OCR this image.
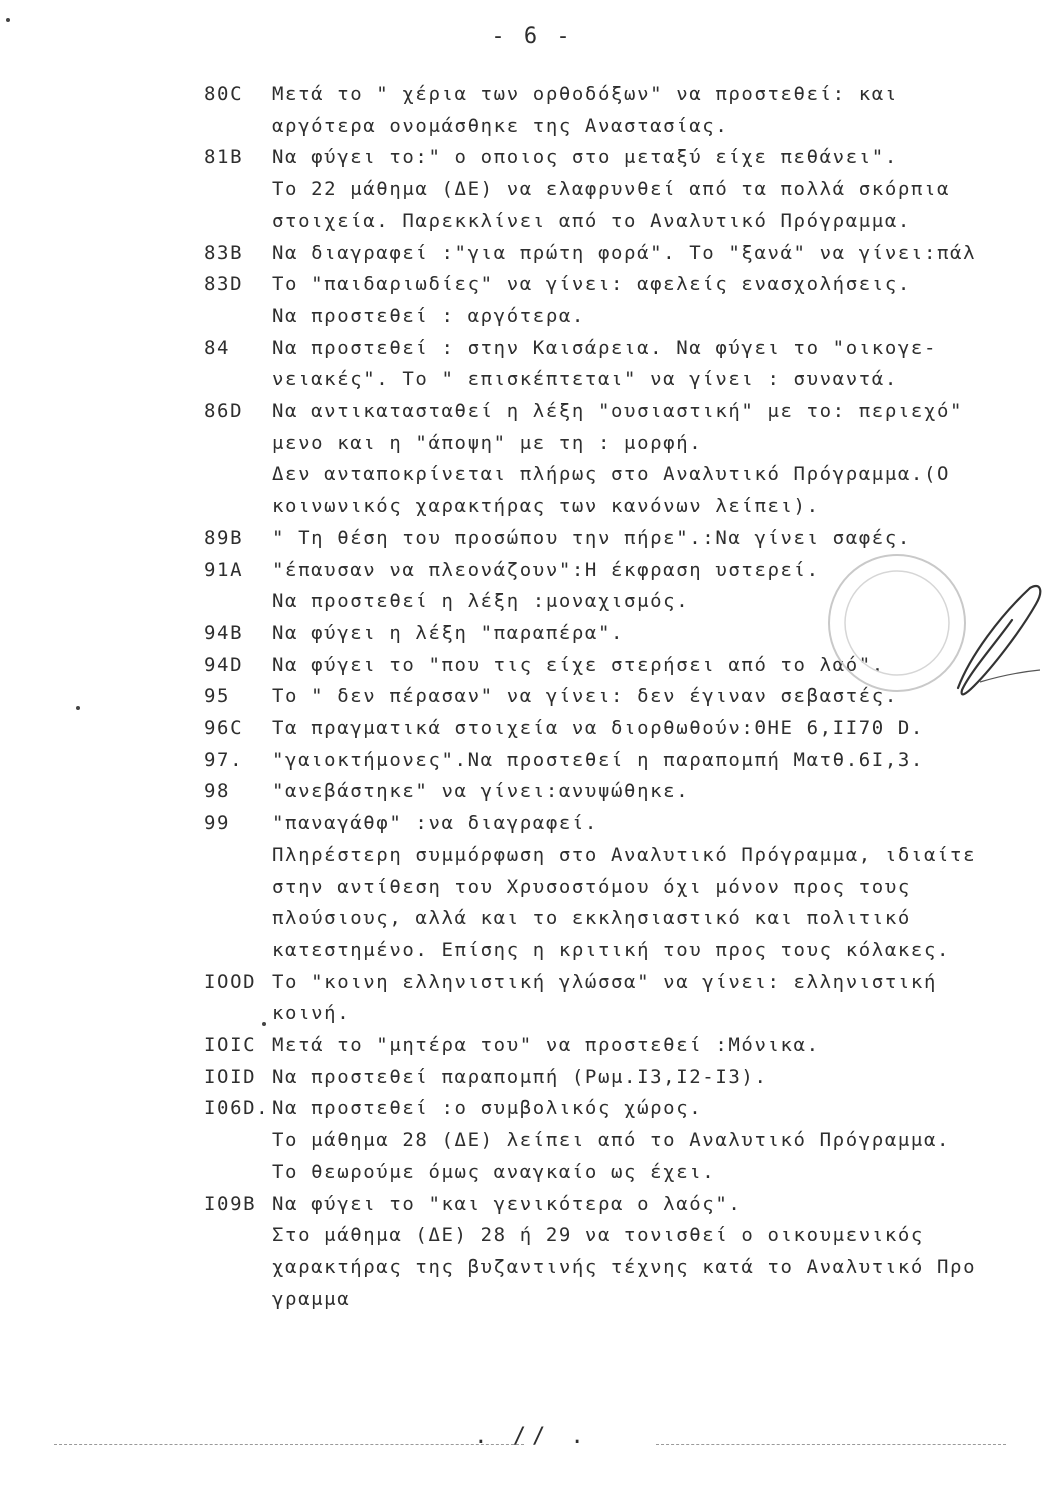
- 6 -
80C	Μετά το " χέρια των ορθοδόξων" να προστεθεί: και
αργότερα ονομάσθηκε της Αναστασίας.
81Β	Να φύγει το:" ο οποιος στο μεταξύ είχε πεθάνει".
Το 22 μάθημα (ΔΕ) να ελαφρυνθεί από τα πολλά σκόρπια
στοιχεία. Παρεκκλίνει από το Αναλυτικό Πρόγραμμα.
83Β	Να διαγραφεί :"για πρώτη φορά". Το "ξανά" να γίνει:πάλ
83D	Το "παιδαριωδίες" να γίνει: αφελείς ενασχολήσεις.
Να προστεθεί : αργότερα.
84	Να προστεθεί : στην Καισάρεια. Να φύγει το "οικογε-
νειακές". Το " επισκέπτεται" να γίνει : συναντά.
86D	Να αντικατασταθεί η λέξη "ουσιαστική" με το: περιεχό"
μενο και η "άποψη" με τη : μορφή.
Δεν ανταποκρίνεται πλήρως στο Αναλυτικό Πρόγραμμα.(Ο
κοινωνικός χαρακτήρας των κανόνων λείπει).
89Β	" Τη θέση του προσώπου την πήρε".:Να γίνει σαφές.
91Α	"έπαυσαν να πλεονάζουν":Η έκφραση υστερεί.
Να προστεθεί η λέξη :μοναχισμός.
94Β	Να φύγει η λέξη "παραπέρα".
94D	Να φύγει το "που τις είχε στερήσει από το λαό".
95	Το " δεν πέρασαν" να γίνει: δεν έγιναν σεβαστές.
96C	Τα πραγματικά στοιχεία να διορθωθούν:ΘΗΕ 6,II70 D.
97.	"γαιοκτήμονες".Να προστεθεί η παραπομπή Ματθ.6Ι,3.
98	"ανεβάστηκε" να γίνει:ανυψώθηκε.
99	"παναγάθφ" :να διαγραφεί.
Πληρέστερη συμμόρφωση στο Αναλυτικό Πρόγραμμα, ιδιαίτε
στην αντίθεση του Χρυσοστόμου όχι μόνον προς τους
πλούσιους, αλλά και το εκκλησιαστικό και πολιτικό
κατεστημένο. Επίσης η κριτική του προς τους κόλακες.
ΙΟΟD Το "κοινη ελληνιστική γλώσσα" να γίνει: ελληνιστική
κοινή.
ΙΟΙC Μετά το "μητέρα του" να προστεθεί :Μόνικα.
ΙΟΙD Να προστεθεί παραπομπή (Ρωμ.Ι3,Ι2-Ι3).
Ι06D. Να προστεθεί :ο συμβολικός χώρος.
Το μάθημα 28 (ΔΕ) λείπει από το Αναλυτικό Πρόγραμμα.
Το θεωρούμε όμως αναγκαίο ως έχει.
Ι09Β Να φύγει το "και γενικότερα ο λαός".
Στο μάθημα (ΔΕ) 28 ή 29 να τονισθεί ο οικουμενικός
χαρακτήρας της βυζαντινής τέχνης κατά το Αναλυτικό Προ
γραμμα
. // .
